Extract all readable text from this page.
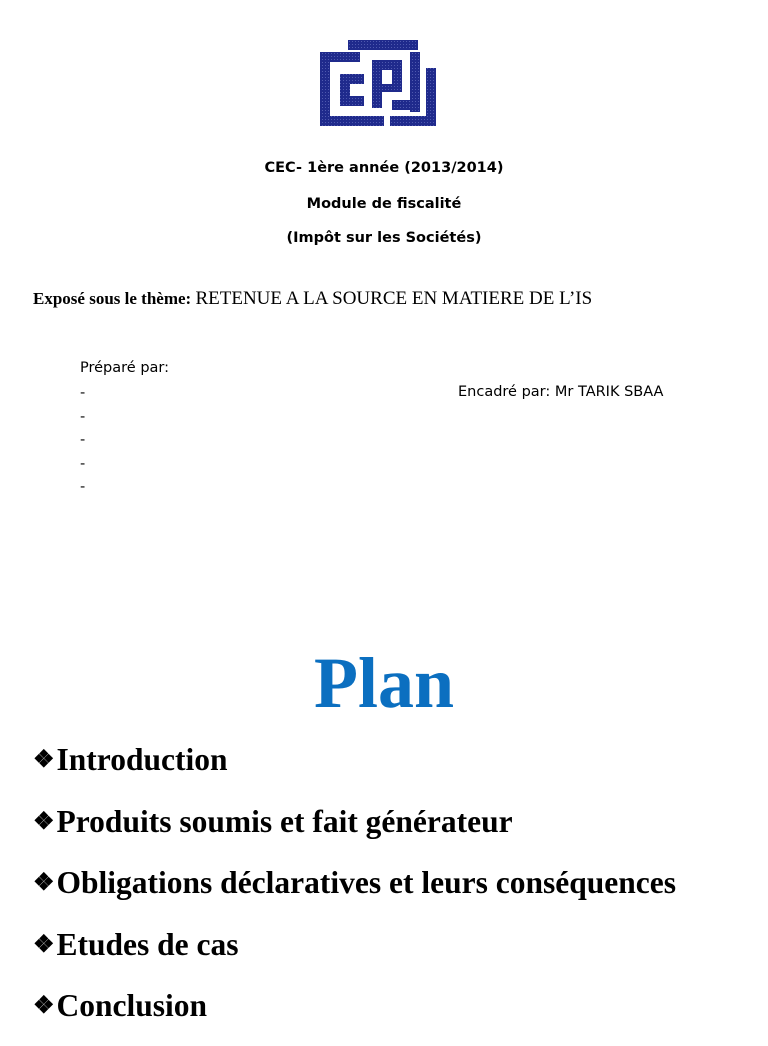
CEC- 1ère année (2013/2014)
Module de fiscalité
(Impôt sur les Sociétés)
Exposé sous le thème: RETENUE A LA SOURCE EN MATIERE DE L’IS
Préparé par:
-
-
-
-
-
Encadré par: Mr TARIK SBAA
Plan
❖Introduction
❖Produits soumis et fait générateur
❖Obligations déclaratives et leurs conséquences
❖Etudes de cas
❖Conclusion
